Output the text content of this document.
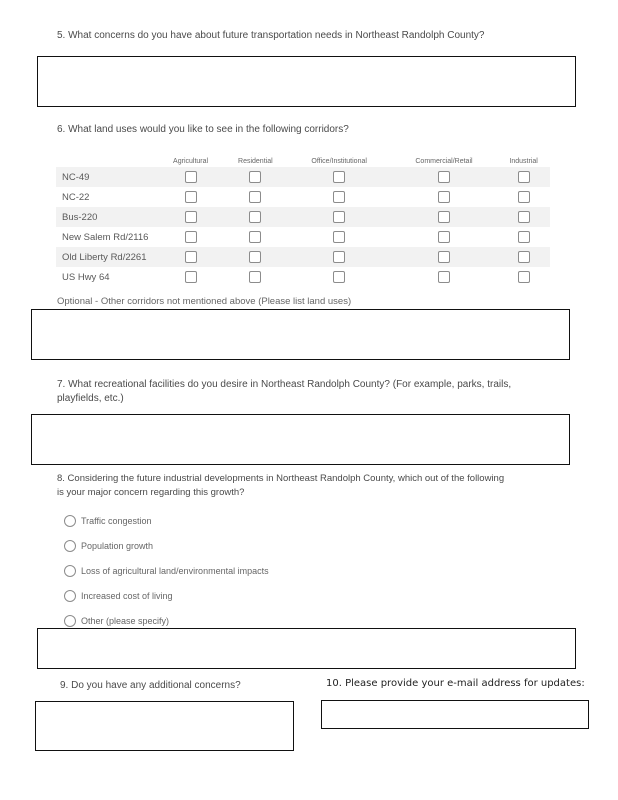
5. What concerns do you have about future transportation needs in Northeast Randolph County?
6. What land uses would you like to see in the following corridors?
	Agricultural	Residential	Office/Institutional	Commercial/Retail	Industrial
NC-49					
NC-22					
Bus-220					
New Salem Rd/2116					
Old Liberty Rd/2261					
US Hwy 64					
Optional - Other corridors not mentioned above (Please list land uses)
7. What recreational facilities do you desire in Northeast Randolph County? (For example, parks, trails, playfields, etc.)
8. Considering the future industrial developments in Northeast Randolph County, which out of the following is your major concern regarding this growth?
Traffic congestion
Population growth
Loss of agricultural land/environmental impacts
Increased cost of living
Other (please specify)
9. Do you have any additional concerns?	10. Please provide your e-mail address for updates:
